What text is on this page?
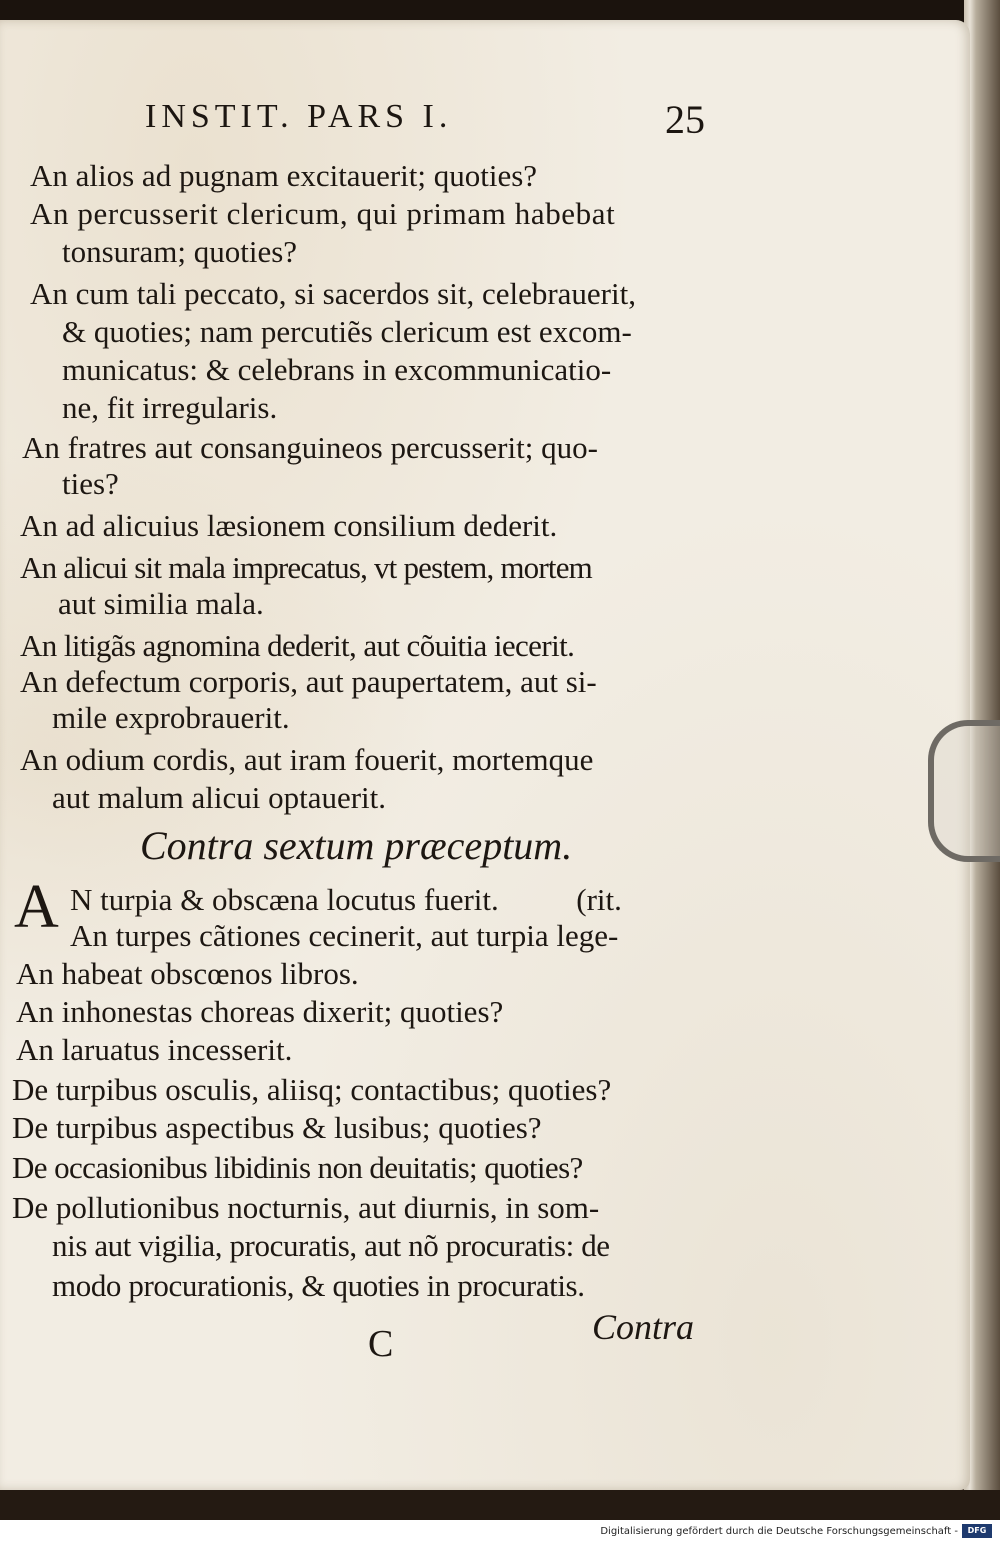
INSTIT. PARS I.	25
An alios ad pugnam excitauerit; quoties?
An percusserit clericum, qui primam habebat
tonsuram; quoties?
An cum tali peccato, si sacerdos sit, celebrauerit,
& quoties; nam percutiẽs clericum est excom-
municatus: & celebrans in excommunicatio-
ne, fit irregularis.
An fratres aut consanguineos percusserit; quo-
ties?
An ad alicuius læsionem consilium dederit.
An alicui sit mala imprecatus, vt pestem, mortem
aut similia mala.
An litigãs agnomina dederit, aut cõuitia iecerit.
An defectum corporis, aut paupertatem, aut si-
mile exprobrauerit.
An odium cordis, aut iram fouerit, mortemque
aut malum alicui optauerit.
Contra sextum præceptum.
A N turpia & obscæna locutus fuerit.          (rit.
An turpes cãtiones cecinerit, aut turpia lege-
An habeat obscœnos libros.
An inhonestas choreas dixerit; quoties?
An laruatus incesserit.
De turpibus osculis, aliisq; contactibus; quoties?
De turpibus aspectibus & lusibus; quoties?
De occasionibus libidinis non deuitatis; quoties?
De pollutionibus nocturnis, aut diurnis, in som-
nis aut vigilia, procuratis, aut nõ procuratis: de
modo procurationis, & quoties in procuratis.
C	Contra
Digitalisierung gefördert durch die Deutsche Forschungsgemeinschaft -	DFG
